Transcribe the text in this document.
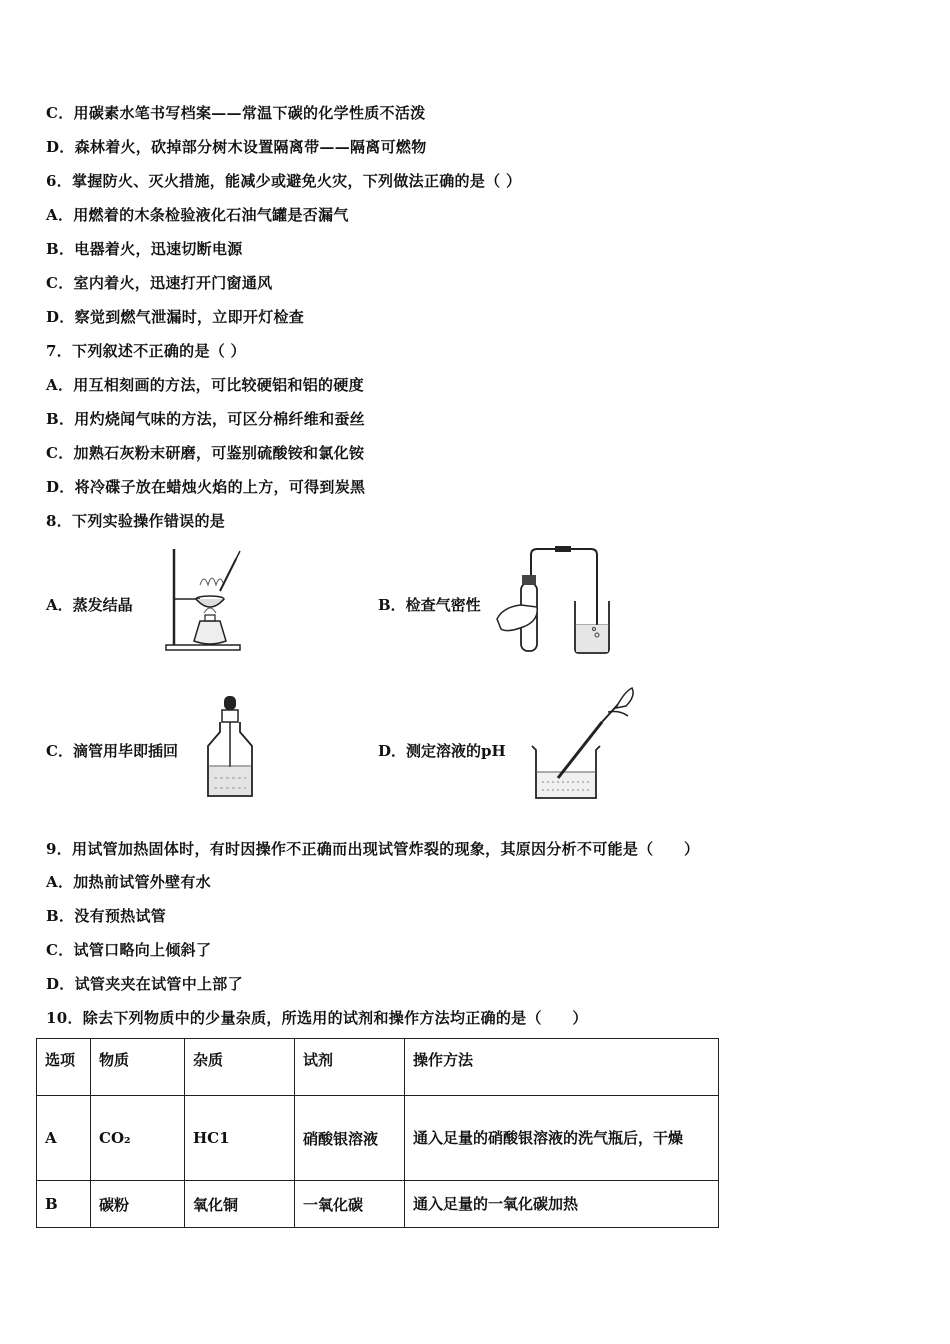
C．用碳素水笔书写档案——常温下碳的化学性质不活泼
D．森林着火，砍掉部分树木设置隔离带——隔离可燃物
6．掌握防火、灭火措施，能减少或避免火灾，下列做法正确的是（ ）
A．用燃着的木条检验液化石油气罐是否漏气
B．电器着火，迅速切断电源
C．室内着火，迅速打开门窗通风
D．察觉到燃气泄漏时，立即开灯检查
7．下列叙述不正确的是（ ）
A．用互相刻画的方法，可比较硬铝和铝的硬度
B．用灼烧闻气味的方法，可区分棉纤维和蚕丝
C．加熟石灰粉末研磨，可鉴别硫酸铵和氯化铵
D．将冷碟子放在蜡烛火焰的上方，可得到炭黑
8．下列实验操作错误的是
A．蒸发结晶	B．检查气密性
C．滴管用毕即插回	D．测定溶液的pH
9．用试管加热固体时，有时因操作不正确而出现试管炸裂的现象，其原因分析不可能是（　　）
A．加热前试管外壁有水
B．没有预热试管
C．试管口略向上倾斜了
D．试管夹夹在试管中上部了
10．除去下列物质中的少量杂质，所选用的试剂和操作方法均正确的是（　　）
选项	物质	杂质	试剂	操作方法
A	CO₂	HC1	硝酸银溶液	通入足量的硝酸银溶液的洗气瓶后，干燥
B	碳粉	氧化铜	一氧化碳	通入足量的一氧化碳加热
